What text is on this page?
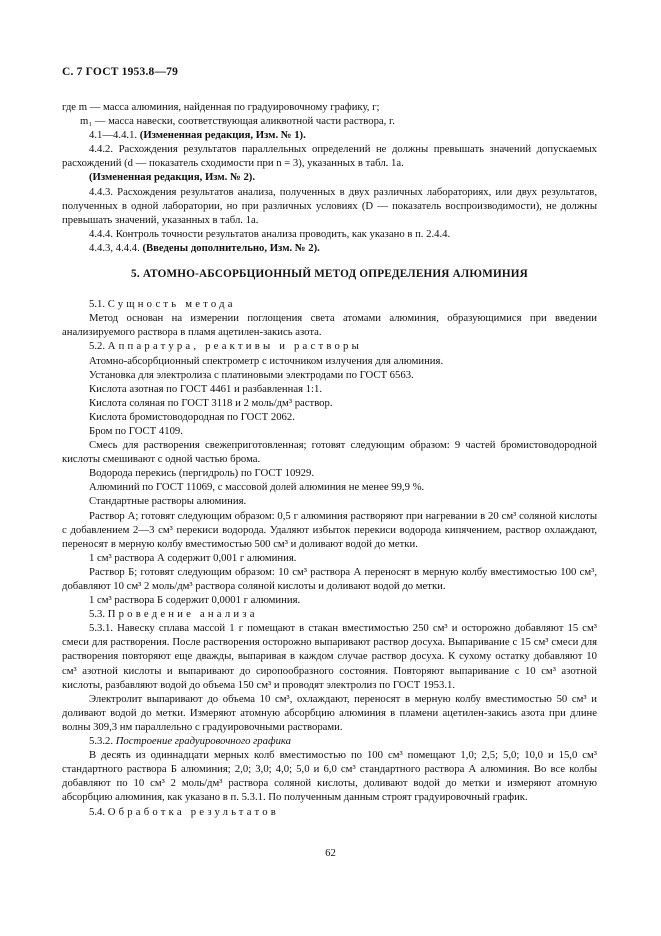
С. 7 ГОСТ 1953.8—79

где m — масса алюминия, найденная по градуировочному графику, г;

m₁ — масса навески, соответствующая аликвотной части раствора, г.

4.1—4.4.1. (Измененная редакция, Изм. № 1).

4.4.2. Расхождения результатов параллельных определений не должны превышать значений допускаемых расхождений (d — показатель сходимости при n = 3), указанных в табл. 1а.

(Измененная редакция, Изм. № 2).

4.4.3. Расхождения результатов анализа, полученных в двух различных лабораториях, или двух результатов, полученных в одной лаборатории, но при различных условиях (D — показатель воспроизводимости), не должны превышать значений, указанных в табл. 1а.

4.4.4. Контроль точности результатов анализа проводить, как указано в п. 2.4.4.

4.4.3, 4.4.4. (Введены дополнительно, Изм. № 2).

5. АТОМНО-АБСОРБЦИОННЫЙ МЕТОД ОПРЕДЕЛЕНИЯ АЛЮМИНИЯ

5.1. Сущность метода

Метод основан на измерении поглощения света атомами алюминия, образующимися при введении анализируемого раствора в пламя ацетилен-закись азота.

5.2. Аппаратура, реактивы и растворы

Атомно-абсорбционный спектрометр с источником излучения для алюминия.

Установка для электролиза с платиновыми электродами по ГОСТ 6563.

Кислота азотная по ГОСТ 4461 и разбавленная 1:1.

Кислота соляная по ГОСТ 3118 и 2 моль/дм³ раствор.

Кислота бромистоводородная по ГОСТ 2062.

Бром по ГОСТ 4109.

Смесь для растворения свежеприготовленная; готовят следующим образом: 9 частей бромистоводородной кислоты смешивают с одной частью брома.

Водорода перекись (пергидроль) по ГОСТ 10929.

Алюминий по ГОСТ 11069, с массовой долей алюминия не менее 99,9 %.

Стандартные растворы алюминия.

Раствор А; готовят следующим образом: 0,5 г алюминия растворяют при нагревании в 20 см³ соляной кислоты с добавлением 2—3 см³ перекиси водорода. Удаляют избыток перекиси водорода кипячением, раствор охлаждают, переносят в мерную колбу вместимостью 500 см³ и доливают водой до метки.

1 см³ раствора А содержит 0,001 г алюминия.

Раствор Б; готовят следующим образом: 10 см³ раствора А переносят в мерную колбу вместимостью 100 см³, добавляют 10 см³ 2 моль/дм³ раствора соляной кислоты и доливают водой до метки.

1 см³ раствора Б содержит 0,0001 г алюминия.

5.3. Проведение анализа

5.3.1. Навеску сплава массой 1 г помещают в стакан вместимостью 250 см³ и осторожно добавляют 15 см³ смеси для растворения. После растворения осторожно выпаривают раствор досуха. Выпаривание с 15 см³ смеси для растворения повторяют еще дважды, выпаривая в каждом случае раствор досуха. К сухому остатку добавляют 10 см³ азотной кислоты и выпаривают до сиропообразного состояния. Повторяют выпаривание с 10 см³ азотной кислоты, разбавляют водой до объема 150 см³ и проводят электролиз по ГОСТ 1953.1.

Электролит выпаривают до объема 10 см³, охлаждают, переносят в мерную колбу вместимостью 50 см³ и доливают водой до метки. Измеряют атомную абсорбцию алюминия в пламени ацетилен-закись азота при длине волны 309,3 нм параллельно с градуировочными растворами.

5.3.2. Построение градуировочного графика

В десять из одиннадцати мерных колб вместимостью по 100 см³ помещают 1,0; 2,5; 5,0; 10,0 и 15,0 см³ стандартного раствора Б алюминия; 2,0; 3,0; 4,0; 5,0 и 6,0 см³ стандартного раствора А алюминия. Во все колбы добавляют по 10 см³ 2 моль/дм³ раствора соляной кислоты, доливают водой до метки и измеряют атомную абсорбцию алюминия, как указано в п. 5.3.1. По полученным данным строят градуировочный график.

5.4. Обработка результатов

62
